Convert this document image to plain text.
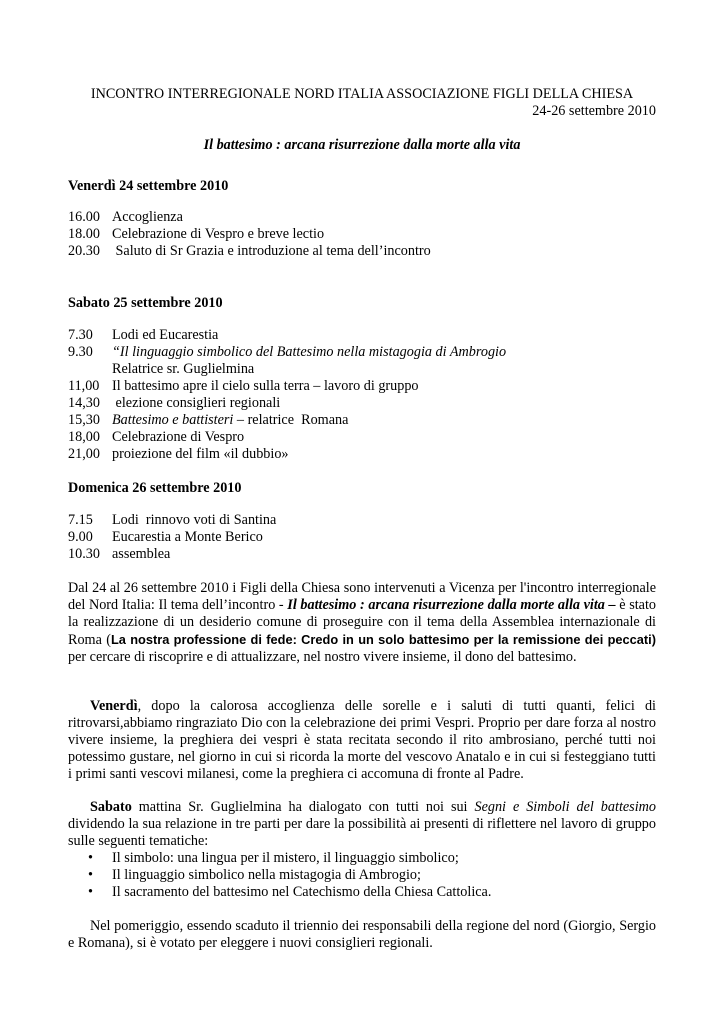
INCONTRO INTERREGIONALE NORD ITALIA ASSOCIAZIONE FIGLI DELLA CHIESA
24-26 settembre 2010
Il battesimo : arcana risurrezione dalla morte alla vita
Venerdì 24 settembre 2010
16.00 Accoglienza
18.00 Celebrazione di Vespro e breve lectio
20.30 Saluto di Sr Grazia e introduzione al tema dell’incontro
Sabato 25 settembre 2010
7.30	Lodi ed Eucarestia
9.30	“Il linguaggio simbolico del Battesimo nella mistagogia di Ambrogio
Relatrice sr. Guglielmina
11,00 Il battesimo apre il cielo sulla terra – lavoro di gruppo
14,30 elezione consiglieri regionali
15,30 Battesimo e battisteri – relatrice  Romana
18,00 Celebrazione di Vespro
21,00 proiezione del film «il dubbio»
Domenica 26 settembre 2010
7.15	Lodi  rinnovo voti di Santina
9.00	Eucarestia a Monte Berico
10.30 assemblea
Dal 24 al 26 settembre 2010 i Figli della Chiesa sono intervenuti a Vicenza per l'incontro interregionale del Nord Italia: Il tema dell’incontro - Il battesimo : arcana risurrezione dalla morte alla vita – è stato la realizzazione di un desiderio comune di proseguire con il tema della Assemblea internazionale di Roma (La nostra professione di fede: Credo in un solo battesimo per la remissione dei peccati) per cercare di riscoprire e di attualizzare, nel nostro vivere insieme, il dono del battesimo.
Venerdì, dopo la calorosa accoglienza delle sorelle e i saluti di tutti quanti, felici di ritrovarsi,abbiamo ringraziato Dio con la celebrazione dei primi Vespri. Proprio per dare forza al nostro vivere insieme, la preghiera dei vespri è stata recitata secondo il rito ambrosiano, perché tutti noi potessimo gustare, nel giorno in cui si ricorda la morte del vescovo Anatalo e in cui si festeggiano tutti i primi santi vescovi milanesi, come la preghiera ci accomuna di fronte al Padre.
Sabato mattina Sr. Guglielmina ha dialogato con tutti noi sui Segni e Simboli del battesimo dividendo la sua relazione in tre parti per dare la possibilità ai presenti di riflettere nel lavoro di gruppo sulle seguenti tematiche:
• Il simbolo: una lingua per il mistero, il linguaggio simbolico;
• Il linguaggio simbolico nella mistagogia di Ambrogio;
• Il sacramento del battesimo nel Catechismo della Chiesa Cattolica.
Nel pomeriggio, essendo scaduto il triennio dei responsabili della regione del nord (Giorgio, Sergio e Romana), si è votato per eleggere i nuovi consiglieri regionali.
